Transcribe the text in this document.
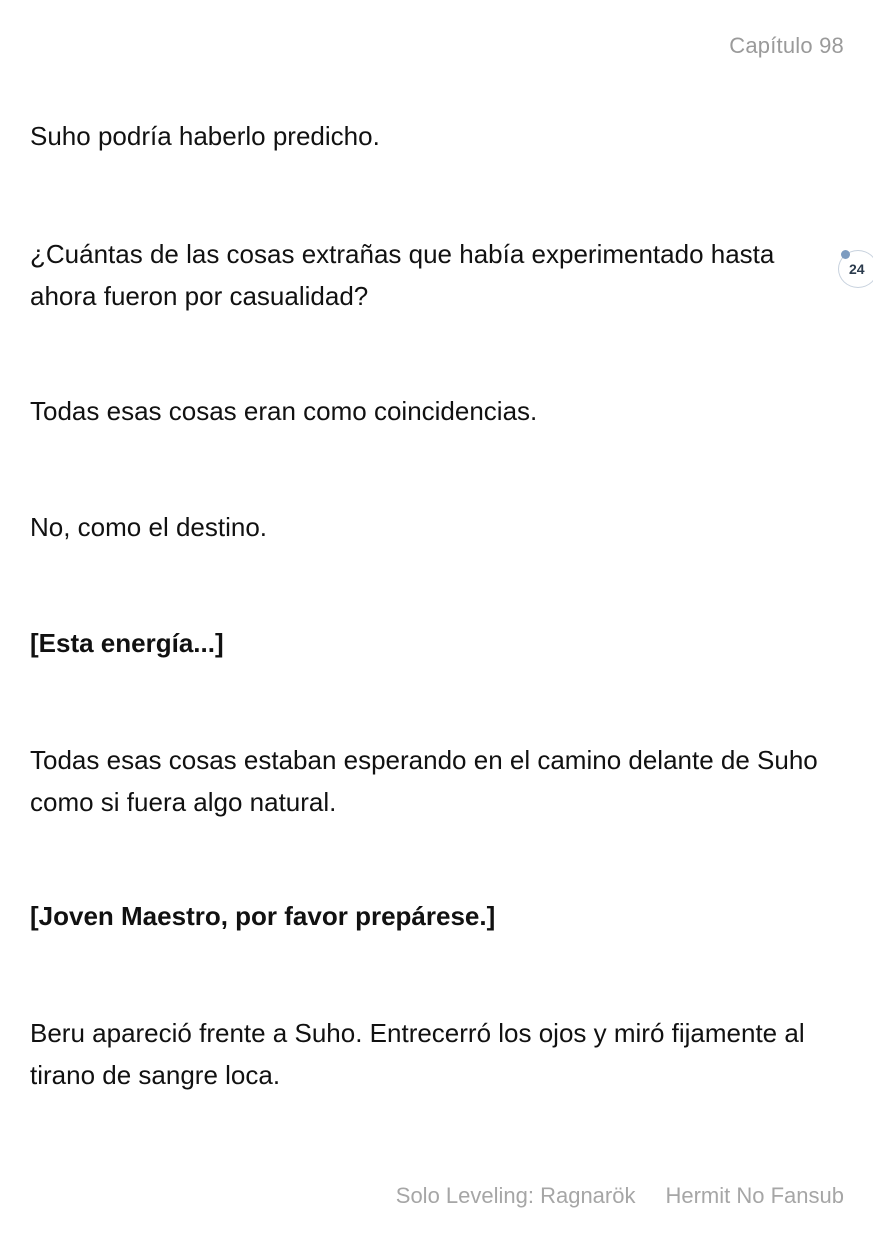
Capítulo 98

Suho podría haberlo predicho.

¿Cuántas de las cosas extrañas que había experimentado hasta ahora fueron por casualidad?

Todas esas cosas eran como coincidencias.

No, como el destino.

[Esta energía...]

Todas esas cosas estaban esperando en el camino delante de Suho como si fuera algo natural.

[Joven Maestro, por favor prepárese.]

Beru apareció frente a Suho. Entrecerró los ojos y miró fijamente al tirano de sangre loca.

24
Solo Leveling: Ragnarök Hermit No Fansub
